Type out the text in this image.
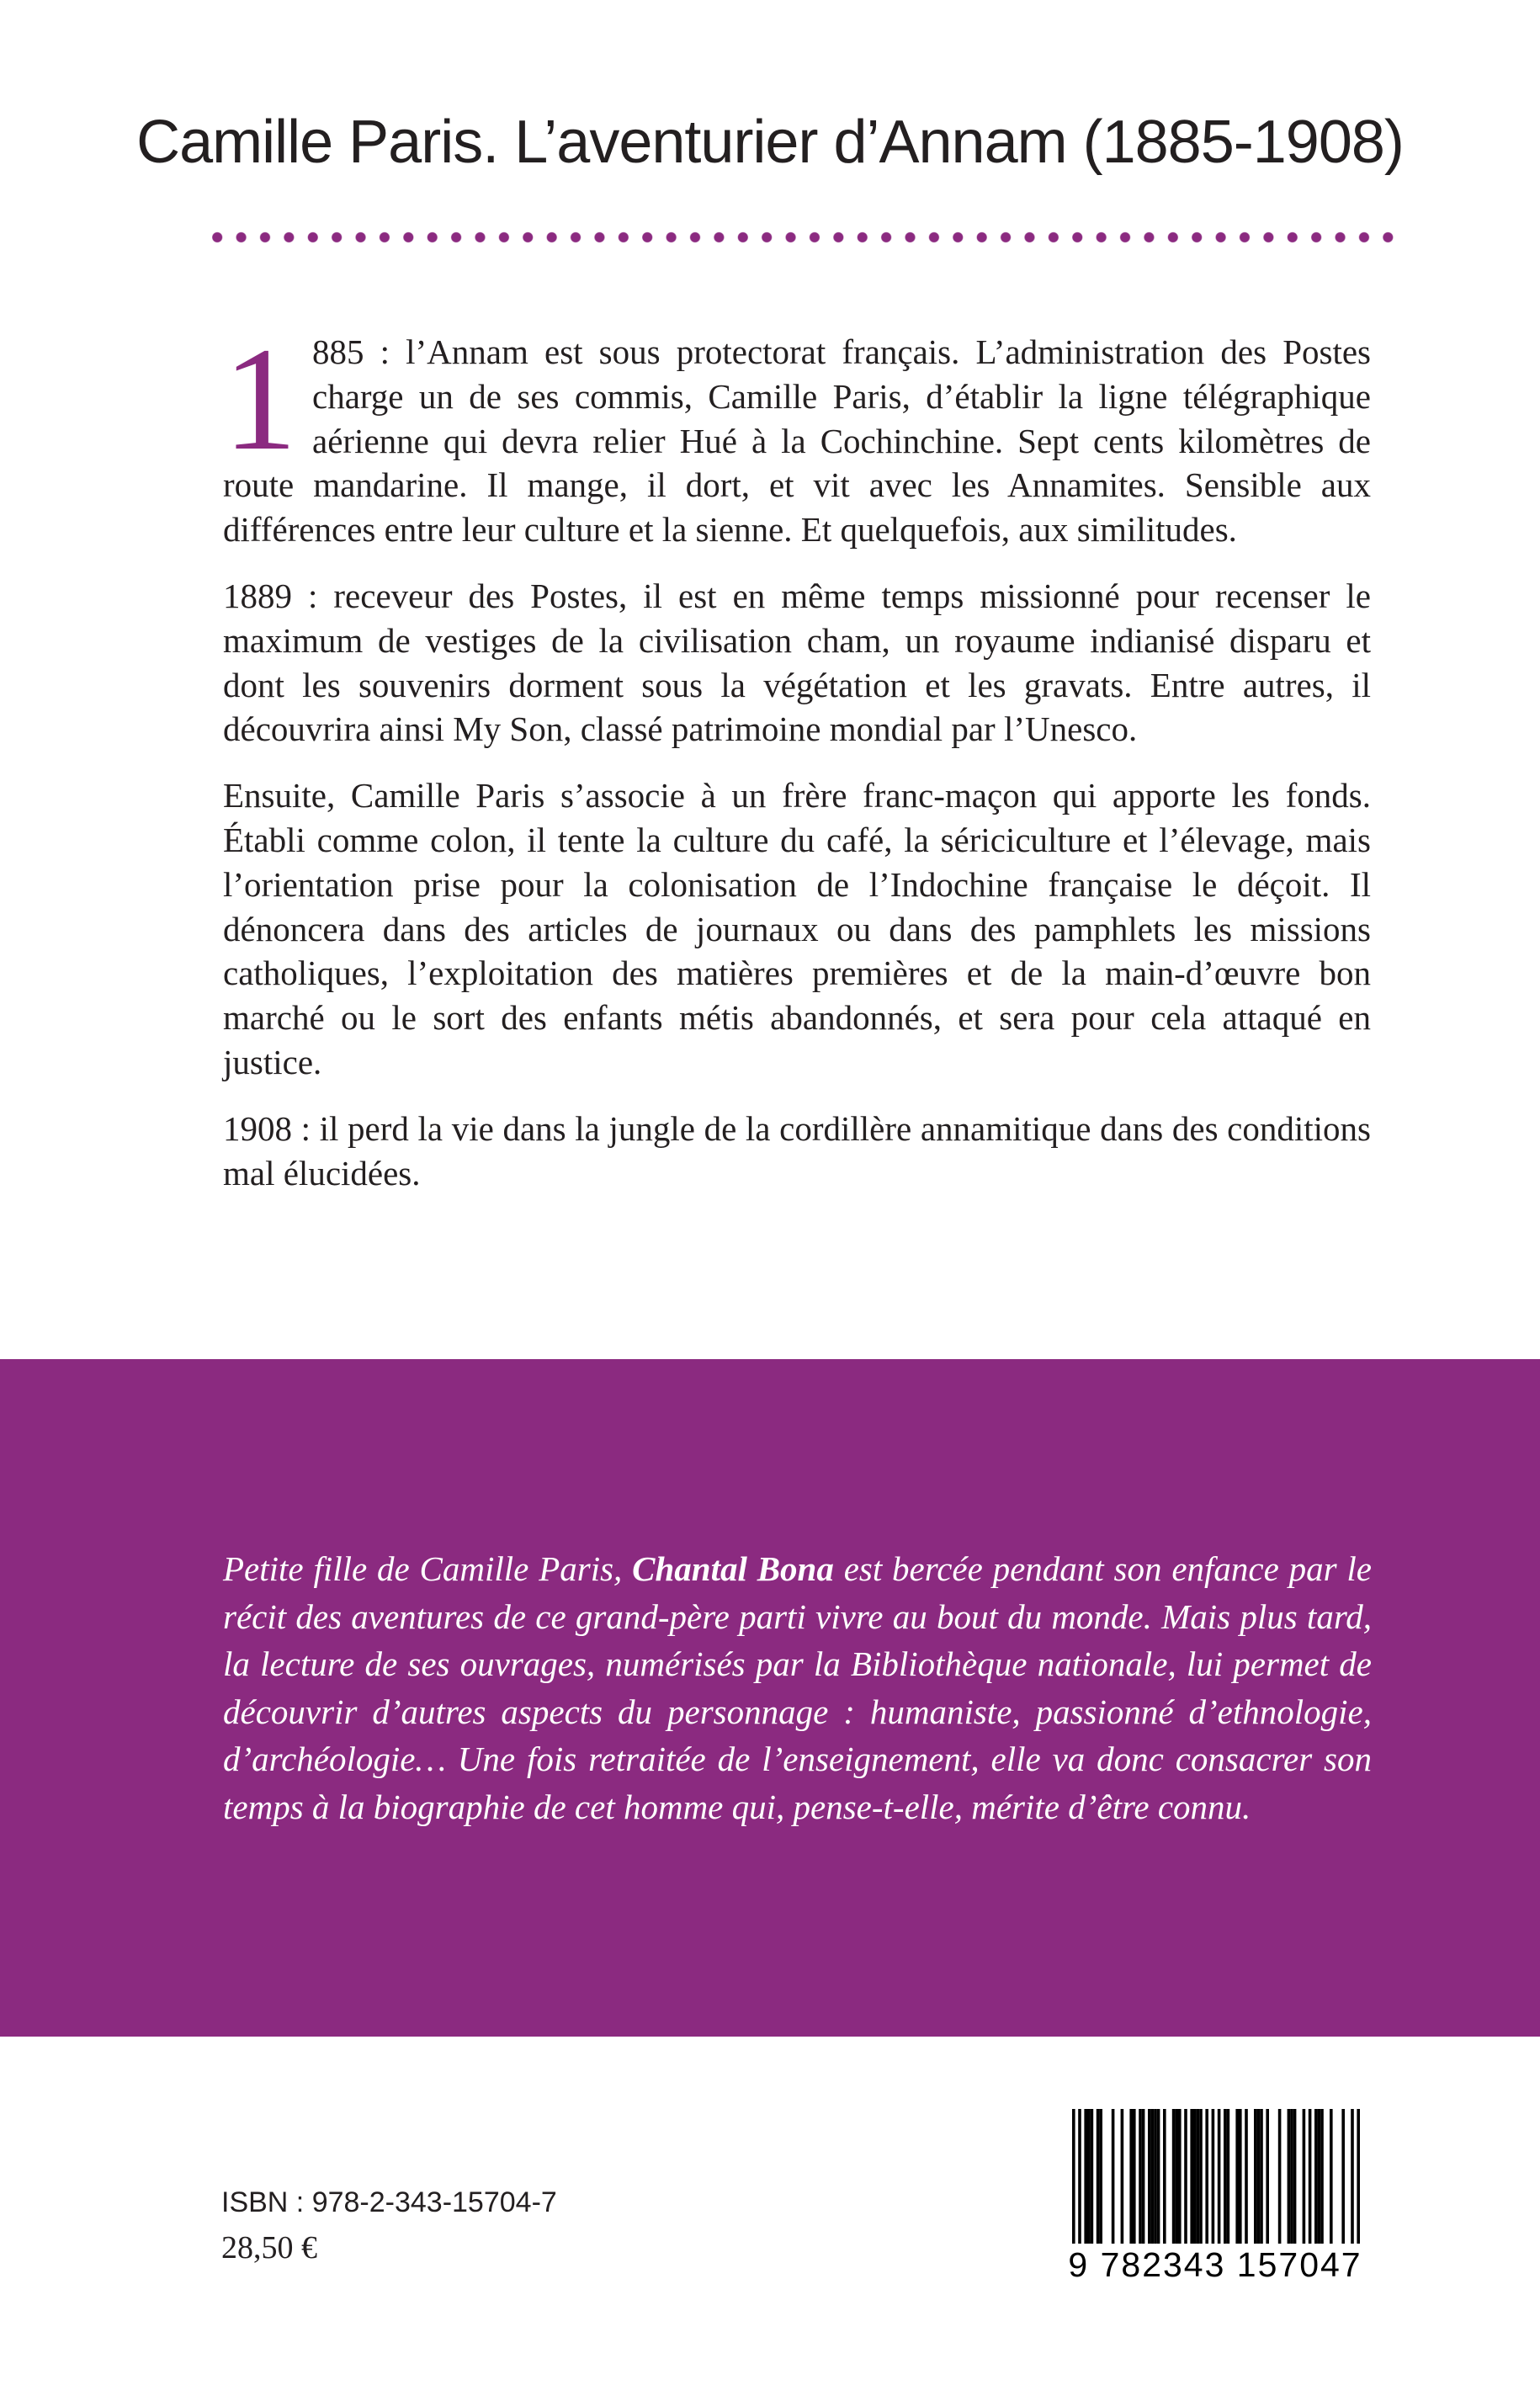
Camille Paris. L’aventurier d’Annam (1885-1908)

1 885 : l’Annam est sous protectorat français. L’administration des Postes charge un de ses commis, Camille Paris, d’établir la ligne télégraphique aérienne qui devra relier Hué à la Cochinchine. Sept cents kilomètres de route mandarine. Il mange, il dort, et vit avec les Annamites. Sensible aux différences entre leur culture et la sienne. Et quelquefois, aux similitudes.

1889 : receveur des Postes, il est en même temps missionné pour recenser le maximum de vestiges de la civilisation cham, un royaume indianisé disparu et dont les souvenirs dorment sous la végétation et les gravats. Entre autres, il découvrira ainsi My Son, classé patrimoine mondial par l’Unesco.

Ensuite, Camille Paris s’associe à un frère franc-maçon qui apporte les fonds. Établi comme colon, il tente la culture du café, la sériciculture et l’élevage, mais l’orientation prise pour la colonisation de l’Indochine française le déçoit. Il dénoncera dans des articles de journaux ou dans des pamphlets les missions catholiques, l’exploitation des matières premières et de la main-d’œuvre bon marché ou le sort des enfants métis abandonnés, et sera pour cela attaqué en justice.

1908 : il perd la vie dans la jungle de la cordillère annamitique dans des conditions mal élucidées.

Petite fille de Camille Paris, Chantal Bona est bercée pendant son enfance par le récit des aventures de ce grand-père parti vivre au bout du monde. Mais plus tard, la lecture de ses ouvrages, numérisés par la Bibliothèque nationale, lui permet de découvrir d’autres aspects du personnage : humaniste, passionné d’ethnologie, d’archéologie… Une fois retraitée de l’enseignement, elle va donc consacrer son temps à la biographie de cet homme qui, pense-t-elle, mérite d’être connu.

ISBN : 978-2-343-15704-7
28,50 €	9 782343 157047
